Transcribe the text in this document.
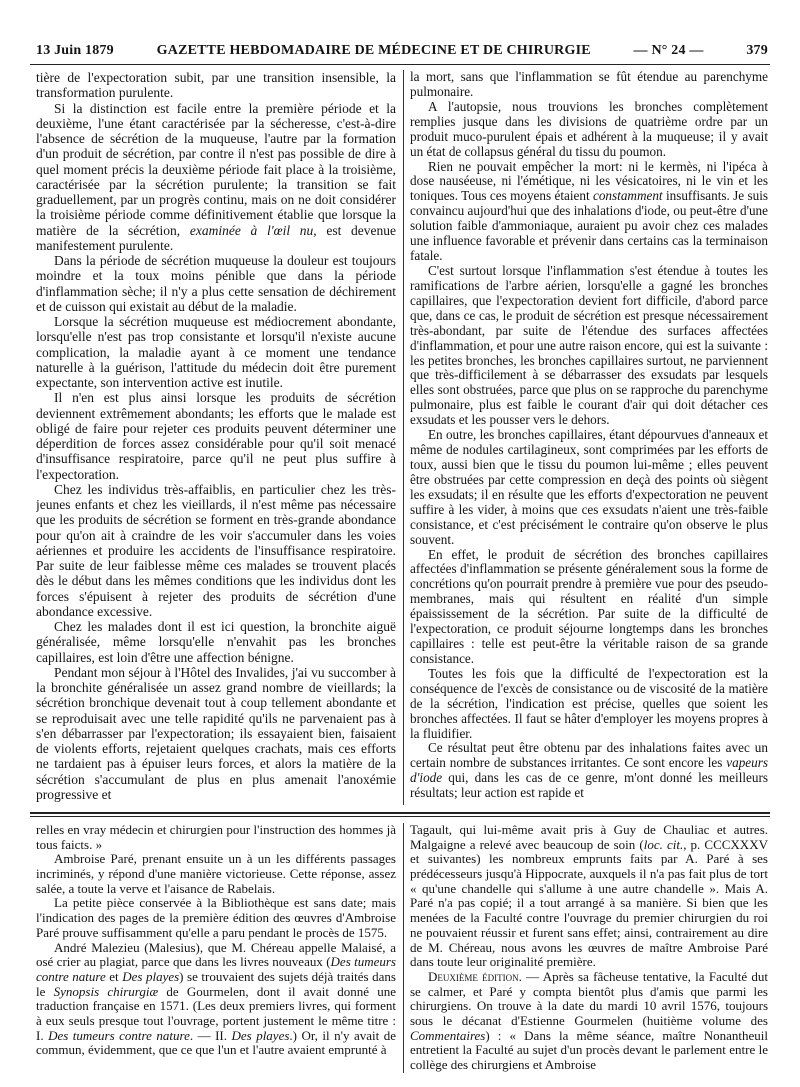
13 Juin 1879	GAZETTE HEBDOMADAIRE DE MÉDECINE ET DE CHIRURGIE	— N° 24 —	379

tière de l'expectoration subit, par une transition insensible, la transformation purulente.

Si la distinction est facile entre la première période et la deuxième, l'une étant caractérisée par la sécheresse, c'est-à-dire l'absence de sécrétion de la muqueuse, l'autre par la formation d'un produit de sécrétion, par contre il n'est pas possible de dire à quel moment précis la deuxième période fait place à la troisième, caractérisée par la sécrétion purulente; la transition se fait graduellement, par un progrès continu, mais on ne doit considérer la troisième période comme définitivement établie que lorsque la matière de la sécrétion, examinée à l'œil nu, est devenue manifestement purulente.

Dans la période de sécrétion muqueuse la douleur est toujours moindre et la toux moins pénible que dans la période d'inflammation sèche; il n'y a plus cette sensation de déchirement et de cuisson qui existait au début de la maladie.

Lorsque la sécrétion muqueuse est médiocrement abondante, lorsqu'elle n'est pas trop consistante et lorsqu'il n'existe aucune complication, la maladie ayant à ce moment une tendance naturelle à la guérison, l'attitude du médecin doit être purement expectante, son intervention active est inutile.

Il n'en est plus ainsi lorsque les produits de sécrétion deviennent extrêmement abondants; les efforts que le malade est obligé de faire pour rejeter ces produits peuvent déterminer une déperdition de forces assez considérable pour qu'il soit menacé d'insuffisance respiratoire, parce qu'il ne peut plus suffire à l'expectoration.

Chez les individus très-affaiblis, en particulier chez les très-jeunes enfants et chez les vieillards, il n'est même pas nécessaire que les produits de sécrétion se forment en très-grande abondance pour qu'on ait à craindre de les voir s'accumuler dans les voies aériennes et produire les accidents de l'insuffisance respiratoire. Par suite de leur faiblesse même ces malades se trouvent placés dès le début dans les mêmes conditions que les individus dont les forces s'épuisent à rejeter des produits de sécrétion d'une abondance excessive.

Chez les malades dont il est ici question, la bronchite aiguë généralisée, même lorsqu'elle n'envahit pas les bronches capillaires, est loin d'être une affection bénigne.

Pendant mon séjour à l'Hôtel des Invalides, j'ai vu succomber à la bronchite généralisée un assez grand nombre de vieillards; la sécrétion bronchique devenait tout à coup tellement abondante et se reproduisait avec une telle rapidité qu'ils ne parvenaient pas à s'en débarrasser par l'expectoration; ils essayaient bien, faisaient de violents efforts, rejetaient quelques crachats, mais ces efforts ne tardaient pas à épuiser leurs forces, et alors la matière de la sécrétion s'accumulant de plus en plus amenait l'anoxémie progressive et

la mort, sans que l'inflammation se fût étendue au parenchyme pulmonaire.

A l'autopsie, nous trouvions les bronches complètement remplies jusque dans les divisions de quatrième ordre par un produit muco-purulent épais et adhérent à la muqueuse; il y avait un état de collapsus général du tissu du poumon.

Rien ne pouvait empêcher la mort: ni le kermès, ni l'ipéca à dose nauséeuse, ni l'émétique, ni les vésicatoires, ni le vin et les toniques. Tous ces moyens étaient constamment insuffisants. Je suis convaincu aujourd'hui que des inhalations d'iode, ou peut-être d'une solution faible d'ammoniaque, auraient pu avoir chez ces malades une influence favorable et prévenir dans certains cas la terminaison fatale.

C'est surtout lorsque l'inflammation s'est étendue à toutes les ramifications de l'arbre aérien, lorsqu'elle a gagné les bronches capillaires, que l'expectoration devient fort difficile, d'abord parce que, dans ce cas, le produit de sécrétion est presque nécessairement très-abondant, par suite de l'étendue des surfaces affectées d'inflammation, et pour une autre raison encore, qui est la suivante : les petites bronches, les bronches capillaires surtout, ne parviennent que très-difficilement à se débarrasser des exsudats par lesquels elles sont obstruées, parce que plus on se rapproche du parenchyme pulmonaire, plus est faible le courant d'air qui doit détacher ces exsudats et les pousser vers le dehors.

En outre, les bronches capillaires, étant dépourvues d'anneaux et même de nodules cartilagineux, sont comprimées par les efforts de toux, aussi bien que le tissu du poumon lui-même ; elles peuvent être obstruées par cette compression en deçà des points où siègent les exsudats; il en résulte que les efforts d'expectoration ne peuvent suffire à les vider, à moins que ces exsudats n'aient une très-faible consistance, et c'est précisément le contraire qu'on observe le plus souvent.

En effet, le produit de sécrétion des bronches capillaires affectées d'inflammation se présente généralement sous la forme de concrétions qu'on pourrait prendre à première vue pour des pseudo-membranes, mais qui résultent en réalité d'un simple épaississement de la sécrétion. Par suite de la difficulté de l'expectoration, ce produit séjourne longtemps dans les bronches capillaires : telle est peut-être la véritable raison de sa grande consistance.

Toutes les fois que la difficulté de l'expectoration est la conséquence de l'excès de consistance ou de viscosité de la matière de la sécrétion, l'indication est précise, quelles que soient les bronches affectées. Il faut se hâter d'employer les moyens propres à la fluidifier.

Ce résultat peut être obtenu par des inhalations faites avec un certain nombre de substances irritantes. Ce sont encore les vapeurs d'iode qui, dans les cas de ce genre, m'ont donné les meilleurs résultats; leur action est rapide et

relles en vray médecin et chirurgien pour l'instruction des hommes jà tous faicts. »

Ambroise Paré, prenant ensuite un à un les différents passages incriminés, y répond d'une manière victorieuse. Cette réponse, assez salée, a toute la verve et l'aisance de Rabelais.

La petite pièce conservée à la Bibliothèque est sans date; mais l'indication des pages de la première édition des œuvres d'Ambroise Paré prouve suffisamment qu'elle a paru pendant le procès de 1575.

André Malezieu (Malesius), que M. Chéreau appelle Malaisé, a osé crier au plagiat, parce que dans les livres nouveaux (Des tumeurs contre nature et Des playes) se trouvaient des sujets déjà traités dans le Synopsis chirurgiæ de Gourmelen, dont il avait donné une traduction française en 1571. (Les deux premiers livres, qui forment à eux seuls presque tout l'ouvrage, portent justement le même titre : I. Des tumeurs contre nature. — II. Des playes.) Or, il n'y avait de commun, évidemment, que ce que l'un et l'autre avaient emprunté à

Tagault, qui lui-même avait pris à Guy de Chauliac et autres. Malgaigne a relevé avec beaucoup de soin (loc. cit., p. CCCXXXV et suivantes) les nombreux emprunts faits par A. Paré à ses prédécesseurs jusqu'à Hippocrate, auxquels il n'a pas fait plus de tort « qu'une chandelle qui s'allume à une autre chandelle ». Mais A. Paré n'a pas copié; il a tout arrangé à sa manière. Si bien que les menées de la Faculté contre l'ouvrage du premier chirurgien du roi ne pouvaient réussir et furent sans effet; ainsi, contrairement au dire de M. Chéreau, nous avons les œuvres de maître Ambroise Paré dans toute leur originalité première.

Deuxième édition. — Après sa fâcheuse tentative, la Faculté dut se calmer, et Paré y compta bientôt plus d'amis que parmi les chirurgiens. On trouve à la date du mardi 10 avril 1576, toujours sous le décanat d'Estienne Gourmelen (huitième volume des Commentaires) : « Dans la même séance, maître Nonantheuil entretient la Faculté au sujet d'un procès devant le parlement entre le collège des chirurgiens et Ambroise
